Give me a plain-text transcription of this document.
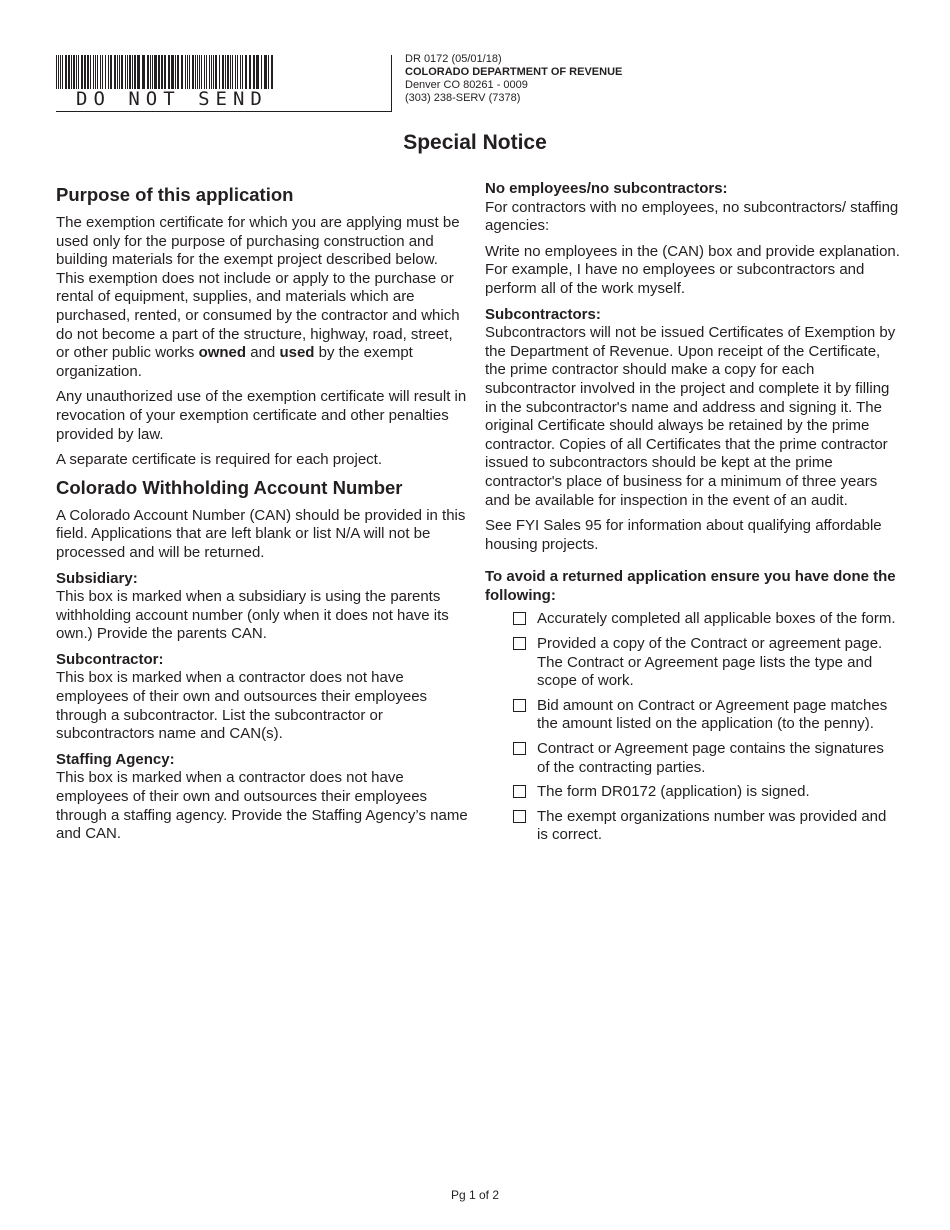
DO NOT SEND
DR 0172 (05/01/18)
COLORADO DEPARTMENT OF REVENUE
Denver CO 80261 - 0009
(303) 238-SERV (7378)
Special Notice
Purpose of this application

The exemption certificate for which you are applying must be used only for the purpose of purchasing construction and building materials for the exempt project described below. This exemption does not include or apply to the purchase or rental of equipment, supplies, and materials which are purchased, rented, or consumed by the contractor and which do not become a part of the structure, highway, road, street, or other public works owned and used by the exempt organization.

Any unauthorized use of the exemption certificate will result in revocation of your exemption certificate and other penalties provided by law.

A separate certificate is required for each project.

Colorado Withholding Account Number

A Colorado Account Number (CAN) should be provided in this field. Applications that are left blank or list N/A will not be processed and will be returned.

Subsidiary:

This box is marked when a subsidiary is using the parents withholding account number (only when it does not have its own.) Provide the parents CAN.

Subcontractor:

This box is marked when a contractor does not have employees of their own and outsources their employees through a subcontractor. List the subcontractor or subcontractors name and CAN(s).

Staffing Agency:

This box is marked when a contractor does not have employees of their own and outsources their employees through a staffing agency. Provide the Staffing Agency’s name and CAN.

No employees/no subcontractors:

For contractors with no employees, no subcontractors/ staffing agencies:

Write no employees in the (CAN) box and provide explanation. For example, I have no employees or subcontractors and perform all of the work myself.

Subcontractors:

Subcontractors will not be issued Certificates of Exemption by the Department of Revenue. Upon receipt of the Certificate, the prime contractor should make a copy for each subcontractor involved in the project and complete it by filling in the subcontractor's name and address and signing it. The original Certificate should always be retained by the prime contractor. Copies of all Certificates that the prime contractor issued to subcontractors should be kept at the prime contractor's place of business for a minimum of three years and be available for inspection in the event of an audit.

See FYI Sales 95 for information about qualifying affordable housing projects.

To avoid a returned application ensure you have done the following:
Accurately completed all applicable boxes of the form.
Provided a copy of the Contract or agreement page. The Contract or Agreement page lists the type and scope of work.
Bid amount on Contract or Agreement page matches the amount listed on the application (to the penny).
Contract or Agreement page contains the signatures of the contracting parties.
The form DR0172 (application) is signed.
The exempt organizations number was provided and is correct.
Pg 1 of 2
